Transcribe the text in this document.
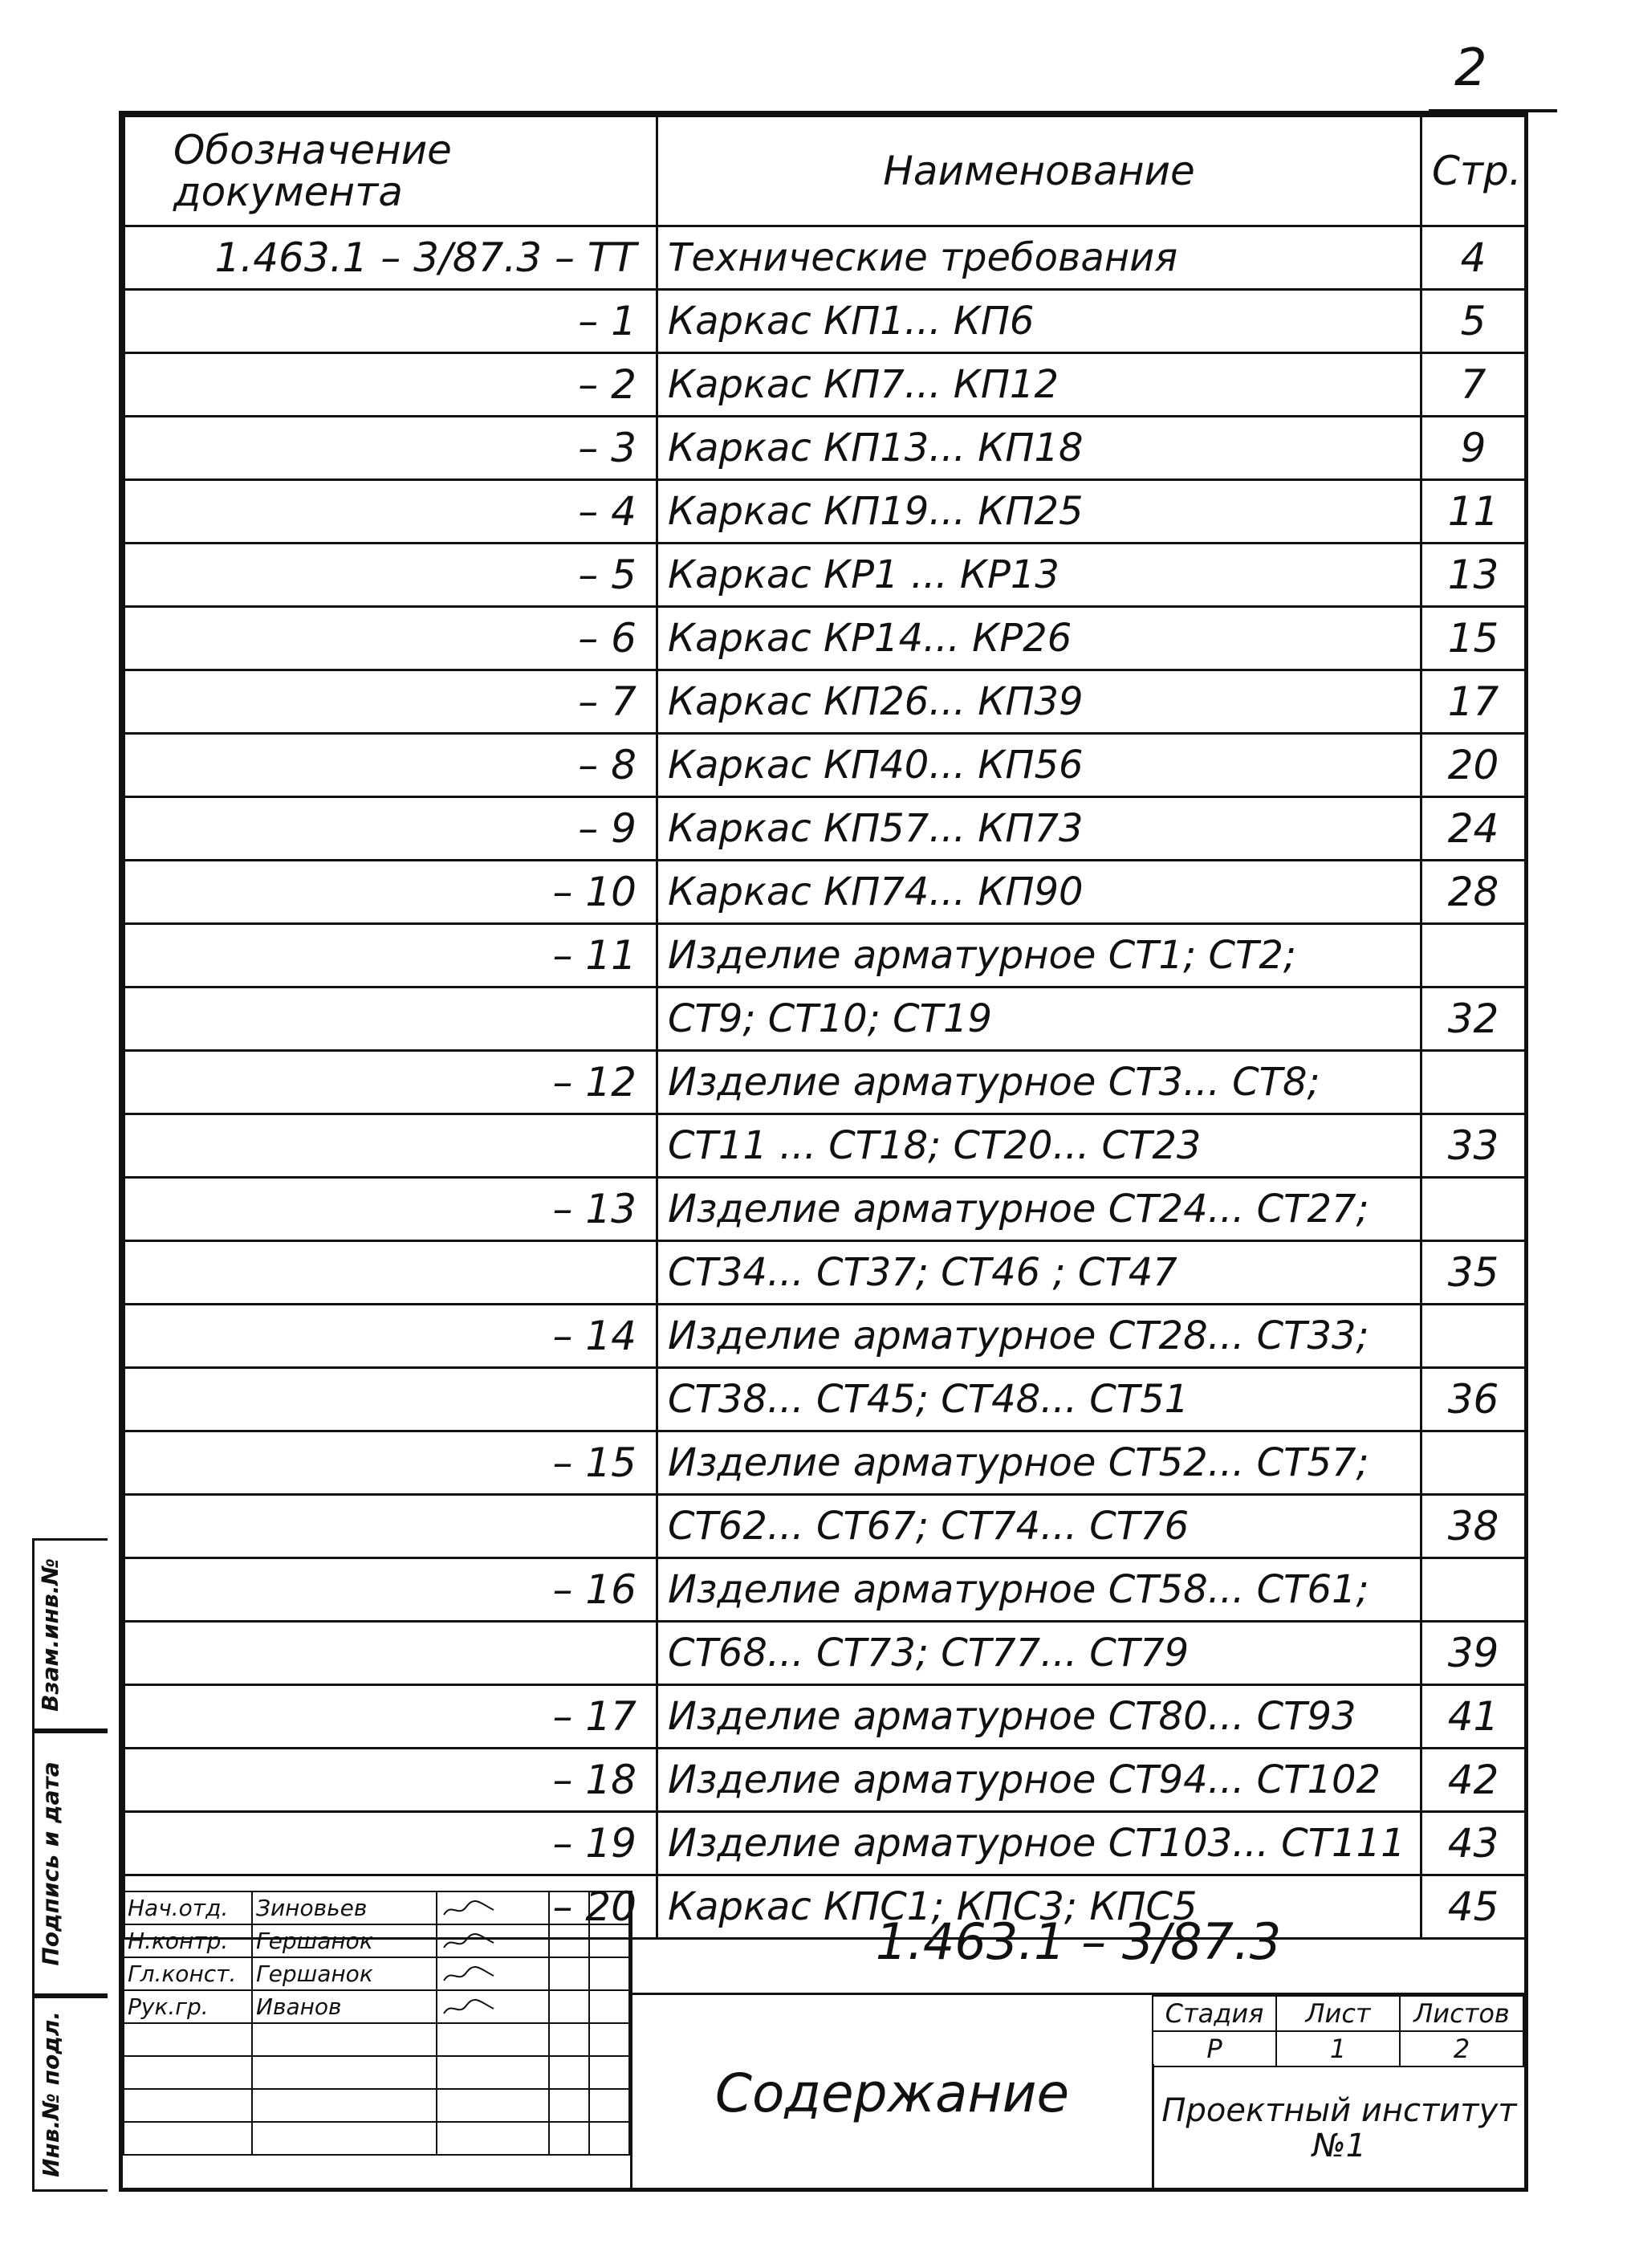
2
Обозначение документа	Наименование	Стр.
1.463.1 – 3/87.3 – ТТ	Технические требования	4
– 1	Каркас КП1... КП6	5
– 2	Каркас КП7... КП12	7
– 3	Каркас КП13... КП18	9
– 4	Каркас КП19... КП25	11
– 5	Каркас КР1 ... КР13	13
– 6	Каркас КР14... КР26	15
– 7	Каркас КП26... КП39	17
– 8	Каркас КП40... КП56	20
– 9	Каркас КП57... КП73	24
– 10	Каркас КП74... КП90	28
– 11	Изделие арматурное СТ1; СТ2;	
	СТ9; СТ10; СТ19	32
– 12	Изделие арматурное СТ3... СТ8;	
	СТ11 ... СТ18; СТ20... СТ23	33
– 13	Изделие арматурное СТ24... СТ27;	
	СТ34... СТ37; СТ46 ; СТ47	35
– 14	Изделие арматурное СТ28... СТ33;	
	СТ38... СТ45; СТ48... СТ51	36
– 15	Изделие арматурное СТ52... СТ57;	
	СТ62... СТ67; СТ74... СТ76	38
– 16	Изделие арматурное СТ58... СТ61;	
	СТ68... СТ73; СТ77... СТ79	39
– 17	Изделие арматурное СТ80... СТ93	41
– 18	Изделие арматурное СТ94... СТ102	42
– 19	Изделие арматурное СТ103... СТ111	43
– 20	Каркас КПС1; КПС3; КПС5	45
Нач.отд.	Зиновьев			
Н.контр.	Гершанок			
Гл.конст.	Гершанок			
Рук.гр.	Иванов			

1.463.1 – 3/87.3
Содержание
Стадия	Лист	Листов
Р	1	2
Проектный институт
№1
Взам.инв.№
Подпись и дата
Инв.№ подл.
